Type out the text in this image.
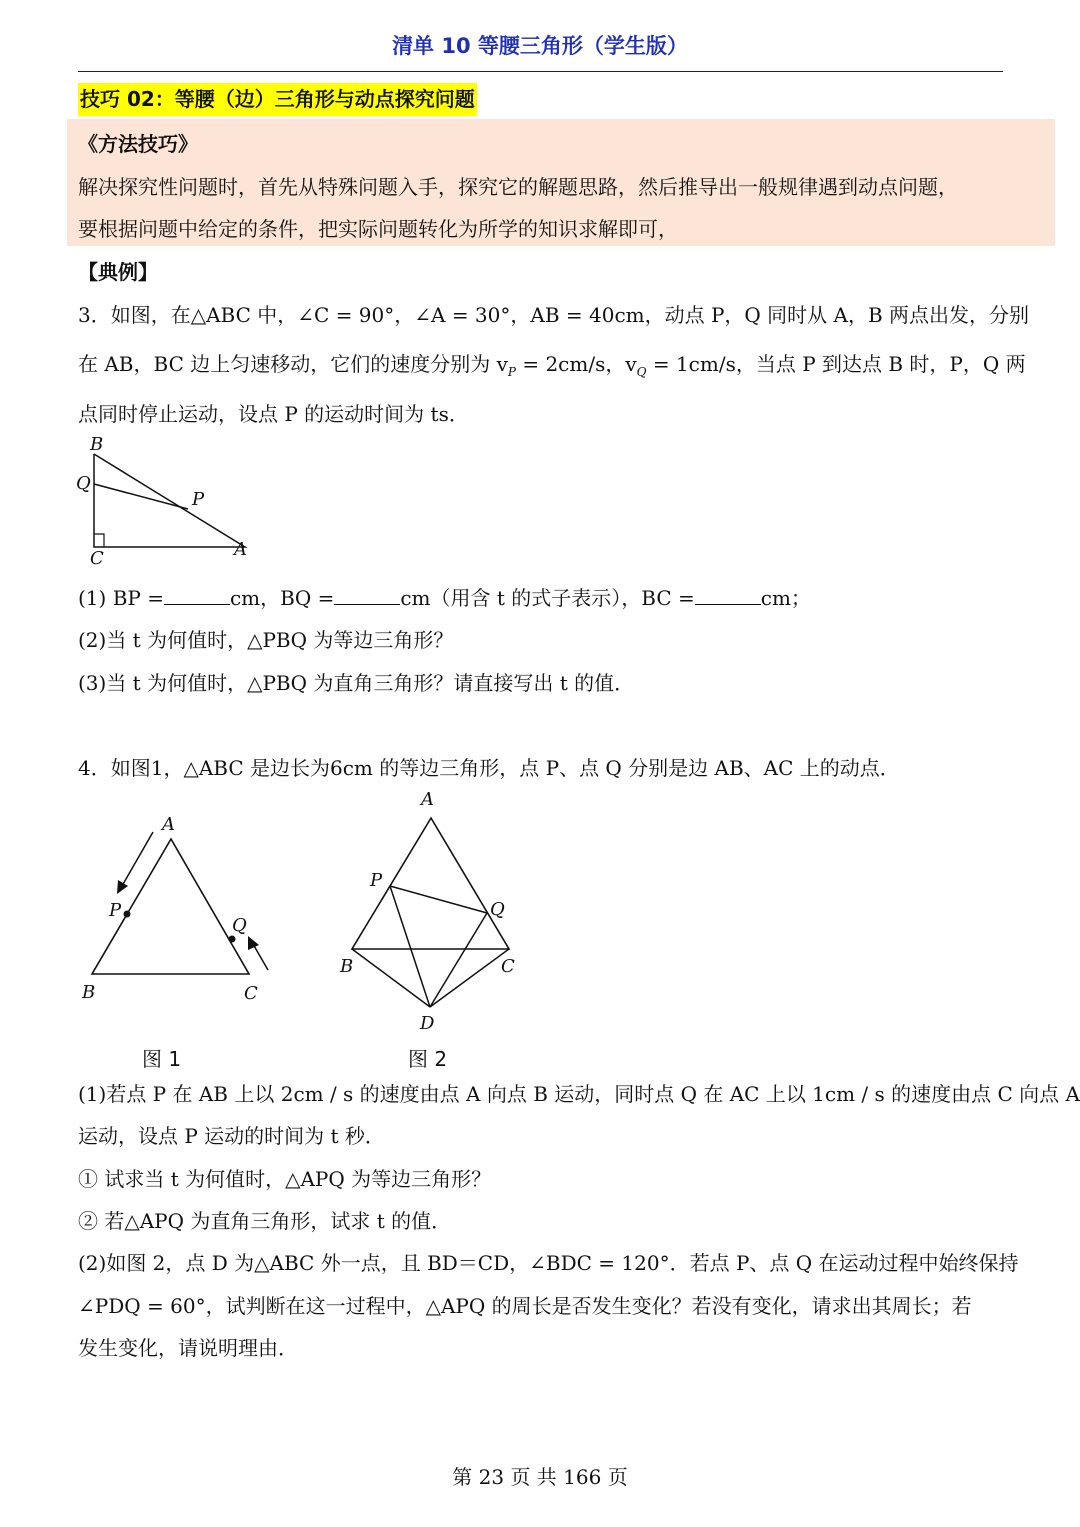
清单 10 等腰三角形（学生版）
技巧 02：等腰（边）三角形与动点探究问题
《方法技巧》
解决探究性问题时，首先从特殊问题入手，探究它的解题思路，然后推导出一般规律遇到动点问题，
要根据问题中给定的条件，把实际问题转化为所学的知识求解即可，
【典例】
3．如图，在△ABC 中，∠C = 90°，∠A = 30°，AB = 40cm，动点 P，Q 同时从 A，B 两点出发，分别
在 AB，BC 边上匀速移动，它们的速度分别为 $v_P = 2cm/s$，$v_Q = 1cm/s$，当点 P 到达点 B 时，P，Q 两
点同时停止运动，设点 P 的运动时间为 ts．
B
Q
P
C	A
(1) BP =	cm，BQ =	cm（用含 t 的式子表示），BC =	cm；
(2)当 t 为何值时，△PBQ 为等边三角形？
(3)当 t 为何值时，△PBQ 为直角三角形？请直接写出 t 的值．
4．如图1，△ABC 是边长为6cm 的等边三角形，点 P、点 Q 分别是边 AB、AC 上的动点．
A
P
Q
B	C
图 1
A
P
Q
B	C
D
图 2
(1)若点 P 在 AB 上以 2cm / s 的速度由点 A 向点 B 运动，同时点 Q 在 AC 上以 1cm / s 的速度由点 C 向点 A
运动，设点 P 运动的时间为 t 秒．
① 试求当 t 为何值时，△APQ 为等边三角形？
② 若△APQ 为直角三角形，试求 t 的值．
(2)如图 2，点 D 为△ABC 外一点，且 BD＝CD，∠BDC = 120°．若点 P、点 Q 在运动过程中始终保持
∠PDQ = 60°，试判断在这一过程中，△APQ 的周长是否发生变化？若没有变化，请求出其周长；若
发生变化，请说明理由．
第 23 页 共 166 页
